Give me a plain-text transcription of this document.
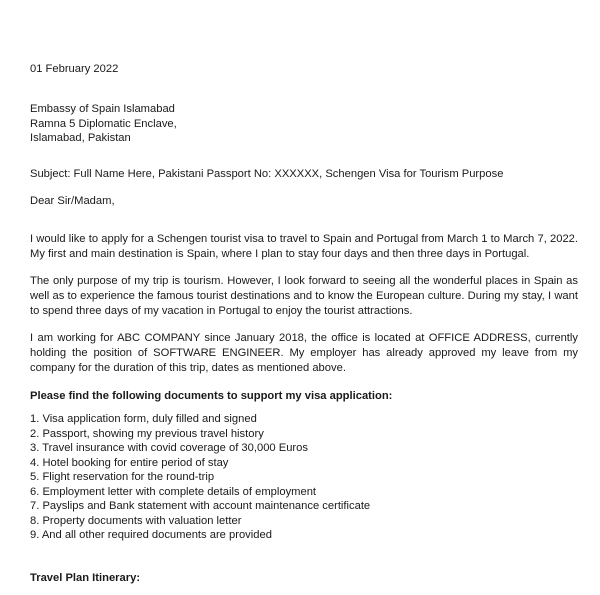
01 February 2022
Embassy of Spain Islamabad
Ramna 5 Diplomatic Enclave,
Islamabad, Pakistan
Subject: Full Name Here, Pakistani Passport No: XXXXXX, Schengen Visa for Tourism Purpose
Dear Sir/Madam,

I would like to apply for a Schengen tourist visa to travel to Spain and Portugal from March 1 to March 7, 2022. My first and main destination is Spain, where I plan to stay four days and then three days in Portugal.

The only purpose of my trip is tourism. However, I look forward to seeing all the wonderful places in Spain as well as to experience the famous tourist destinations and to know the European culture. During my stay, I want to spend three days of my vacation in Portugal to enjoy the tourist attractions.

I am working for ABC COMPANY since January 2018, the office is located at OFFICE ADDRESS, currently holding the position of SOFTWARE ENGINEER. My employer has already approved my leave from my company for the duration of this trip, dates as mentioned above.

Please find the following documents to support my visa application:
1. Visa application form, duly filled and signed
2. Passport, showing my previous travel history
3. Travel insurance with covid coverage of 30,000 Euros
4. Hotel booking for entire period of stay
5. Flight reservation for the round-trip
6. Employment letter with complete details of employment
7. Payslips and Bank statement with account maintenance certificate
8. Property documents with valuation letter
9. And all other required documents are provided
Travel Plan Itinerary:
